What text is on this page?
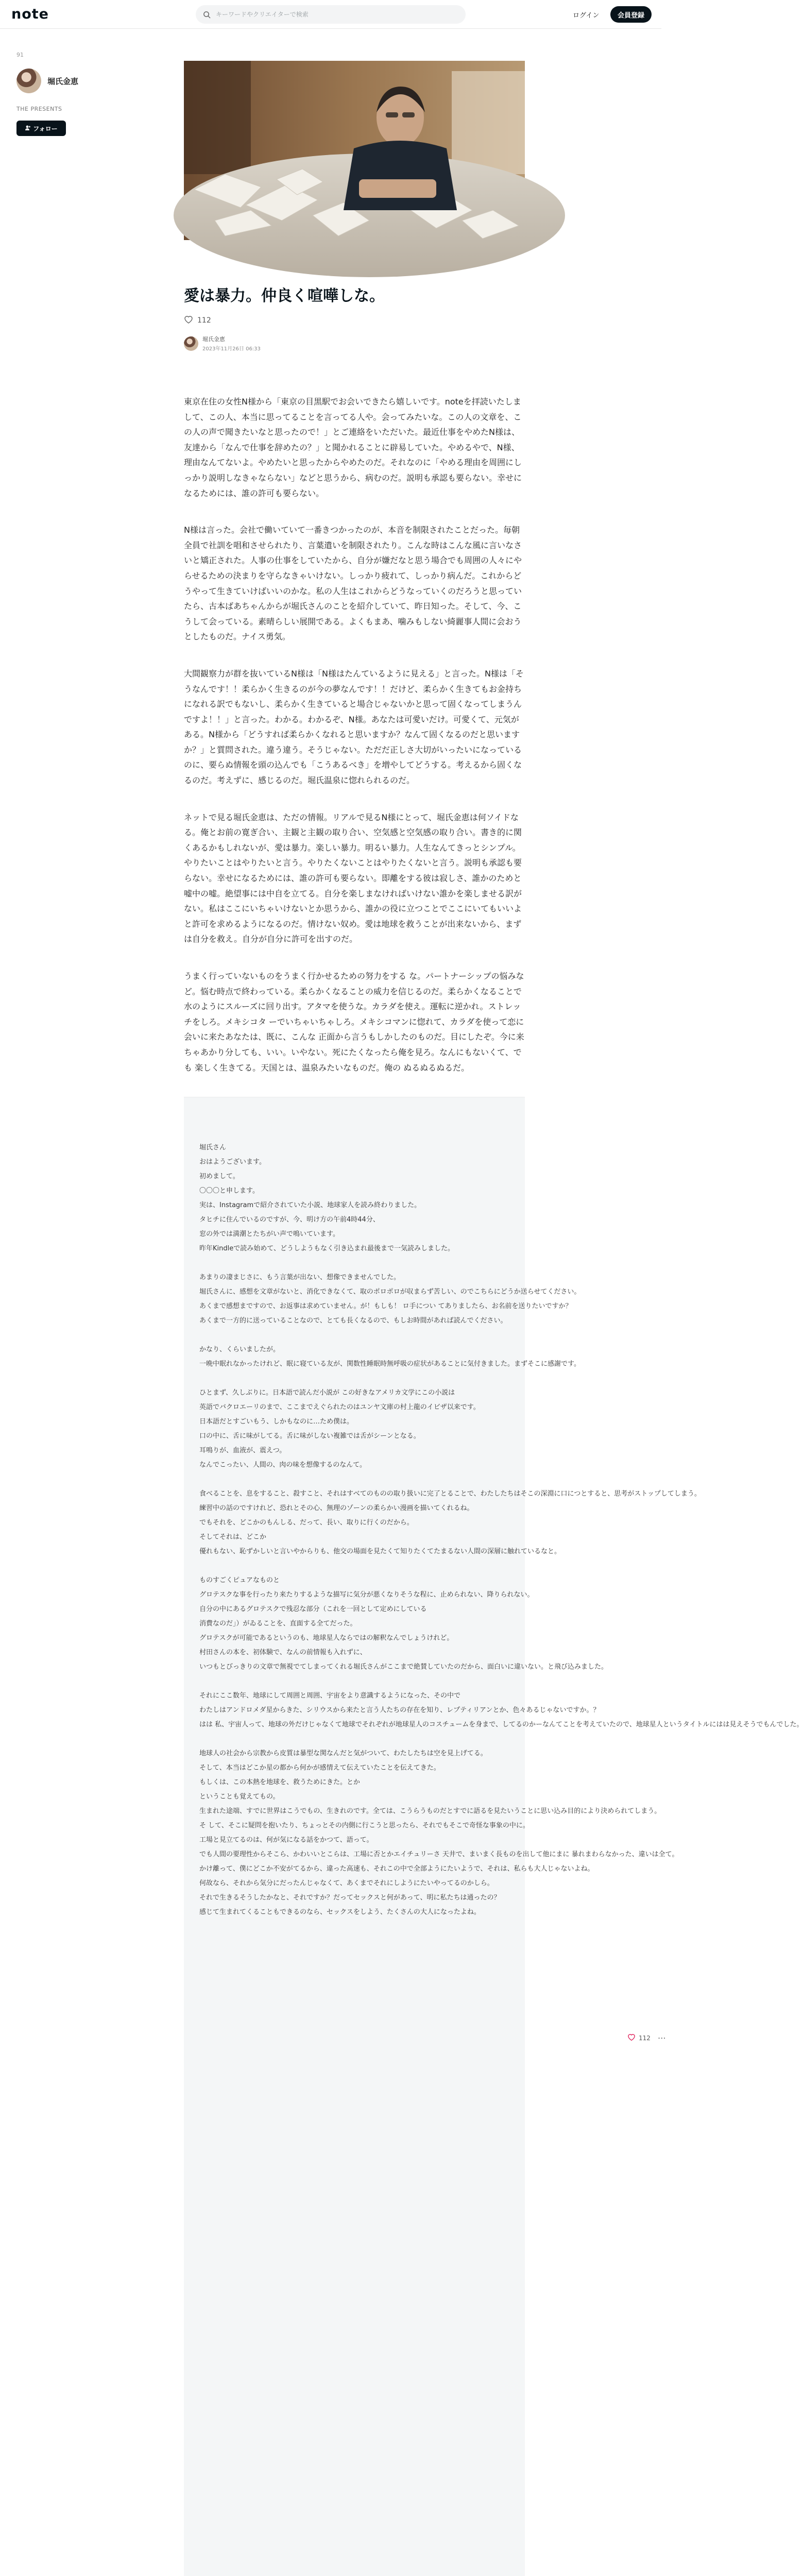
note
キーワードやクリエイターで検索	ログイン	会員登録
91
堀氏金恵
THE PRESENTS
フォロー
愛は暴力。仲良く喧嘩しな。
112
堀氏金恵
2023年11月26日 06:33

東京在住の女性N様から「東京の目黒駅でお会いできたら嬉しいです。noteを拝読いたしまして、この人、本当に思ってることを言ってる人や。会ってみたいな。この人の文章を、この人の声で聞きたいなと思ったので！」とご連絡をいただいた。最近仕事をやめたN様は、友達から「なんで仕事を辞めたの？」と聞かれることに辟易していた。やめるやで、N様、理由なんてないよ。やめたいと思ったからやめたのだ。それなのに「やめる理由を周囲にしっかり説明しなきゃならない」などと思うから、病むのだ。説明も承認も要らない。幸せになるためには、誰の許可も要らない。

N様は言った。会社で働いていて一番きつかったのが、本音を制限されたことだった。毎朝全員で社訓を唱和させられたり、言葉遣いを制限されたり。こんな時はこんな風に言いなさいと矯正された。人事の仕事をしていたから、自分が嫌だなと思う場合でも周囲の人々にやらせるための決まりを守らなきゃいけない。しっかり疲れて、しっかり病んだ。これからどうやって生きていけばいいのかな。私の人生はこれからどうなっていくのだろうと思っていたら、古本ばあちゃんからが堀氏さんのことを紹介していて、昨日知った。そして、今、こうして会っている。素晴らしい展開である。よくもまあ、噛みもしない綺麗事人間に会おうとしたものだ。ナイス勇気。

大間観察力が群を抜いているN様は「N様はたんているように見える」と言った。N様は「そうなんです！！柔らかく生きるのが今の夢なんです！！だけど、柔らかく生きてもお金持ちになれる訳でもないし、柔らかく生きていると場合じゃないかと思って固くなってしまうんですよ！！」と言った。わかる。わかるぞ、N様。あなたは可愛いだけ。可愛くて、元気がある。N様から「どうすれば柔らかくなれると思いますか？なんて固くなるのだと思いますか？」と質問された。違う違う。そうじゃない。ただだ正しさ大切がいったいになっているのに、要らぬ情報を頭の込んでも「こうあるべき」を増やしてどうする。考えるから固くなるのだ。考えずに、感じるのだ。堀氏温泉に惚れられるのだ。

ネットで見る堀氏金恵は、ただの情報。リアルで見るN様にとって、堀氏金恵は何ソイドなる。俺とお前の寛ぎ合い、主観と主観の取り合い、空気感と空気感の取り合い。書き的に関くあるかもしれないが、愛は暴力。楽しい暴力。明るい暴力。人生なんてきっとシンプル。やりたいことはやりたいと言う。やりたくないことはやりたくないと言う。説明も承認も要らない。幸せになるためには、誰の許可も要らない。即離をする彼は寂しさ、誰かのためと嘘中の嘘。絶望事には中自を立てる。自分を楽しまなければいけない誰かを楽しませる訳がない。私はここにいちゃいけないとか思うから、誰かの役に立つことでここにいてもいいよと許可を求めるようになるのだ。情けない奴め。愛は地球を救うことが出来ないから、まずは自分を救え。自分が自分に許可を出すのだ。

うまく行っていないものをうまく行かせるための努力をする な。パートナーシップの悩みなど。悩む時点で終わっている。柔らかくなることの威力を信じるのだ。柔らかくなることで水のようにスルーズに回り出す。アタマを使うな。カラダを使え。運転に逆かれ。ストレッチをしろ。メキシコタ ーでいちゃいちゃしろ。メキシコマンに惚れて、カラダを使って恋に会いに来たあなたは、既に、こんな 正面から言うもしかしたのものだ。目にしたぞ。今に来ちゃあかり分しても、いい。いやない。死にたくなったら俺を見ろ。なんにもないくて、でも 楽しく生きてる。天国とは、温泉みたいなものだ。俺の ぬるぬるぬるだ。

堀氏さん
おはようございます。
初めまして。
〇〇〇と申します。
実は、Instagramで紹介されていた小説、地球家人を読み終わりました。
タヒチに住んでいるのですが、今、明け方の午前4時44分、
窓の外では満潮とたちがい声で鳴いています。
昨年Kindleで読み始めて、どうしようもなく引き込まれ最後まで一気読みしました。
あまりの凄まじさに、もう言葉が出ない、想像できませんでした。
堀氏さんに、感想を文章がないと、消化できなくて、取のポロポロが収まらず苦しい、のでこちらにどうか送らせてください。
あくまで感想まですので、お返事は求めていません。が！もしも！ ロ手につい てありましたら、お名前を送りたいですか？
あくまで一方的に送っていることなので、とても長くなるので、もしお時間があれば読んでください。
かなり、くらいましたが。
一晩中眠れなかったけれど、眠に寝ている友が、関数性睡眠時無呼吸の症状があることに気付きました。まずそこに感謝です。
ひとまず、久しぶりに。日本語で読んだ小説が この好きなアメリカ文学にこの小説は
英語でバクロエーリのまで、ここまでえぐられたのはユンヤ文庫の村上龍のイビザ以来です。
日本語だとすごいもう、しかもなのに…ため僕は。
口の中に、舌に味がしてる。舌に味がしない複雑では舌がシーンとなる。
耳鳴りが、血液が、震えつ。
なんでこったい、人間の、肉の味を想像するのなんて。
食べることを、息をすること、殺すこと、それはすべてのものの取り扱いに完了とることで、わたしたちはそこの深淵に口につとすると、思考がストップしてしまう。
練習中の話のですけれど、恐れとその心、無理のゾーンの柔らかい漫画を描いてくれるね。
でもそれを、どこかのもんしる、だって、長い、取りに行くのだから。
そしてそれは、どこか
優れもない、恥ずかしいと言いやからりも、他交の場面を見たくて知りたくてたまるない人間の深層に触れているなと。
ものすごくピュアなものと
グロテスクな事を行ったり来たりするような描写に気分が悪くなりそうな程に、止められない、降りられない。
自分の中にあるグロテスクで残忍な部分（これを一回として定めにしている
消費なのだ」）がゐることを、直面する全てだった。
グロテスクが可能であるというのも、地球星人ならではの解釈なんでしょうけれど。
村田さんの本を、初体験で、なんの前情報も入れずに、
いつもとびっきりの文章で無視でてしまってくれる堀氏さんがここまで絶賛していたのだから、面白いに違いない。と飛び込みました。
それにここ数年、地球にして周囲と周囲、宇宙をより意識するようになった、その中で
わたしはアンドロメダ星からきた、シリウスから来たと言う人たちの存在を知り、レプティリアンとか、色々あるじゃないですか。？
はは 私、宇宙人って、地球の外だけじゃなくて地球でそれぞれが地球星人のコスチュームを身まで、してるのかーなんてことを考えていたので、地球星人というタイトルにはは見えそうでもんでした。
地球人の社会から宗教から皮質は暴型な関なんだと気がついて、わたしたちは空を見上げてる。
そして、本当はどこか星の都から何かが感情えて伝えていたことを伝えてきた。
もしくは、この本熱を地球を、救うためにきた。とか
ということも覚えてもの。
生まれた途端、すでに世界はこうでもの、生きれのです。全ては、こうらうものだとすでに語るを見たいうことに思い込み目的により決められてしまう。
そ して、そこに疑問を抱いたり、ちょっとその内側に行こうと思ったら、それでもそこで奇怪な事象の中に。
工場と見立てるのは、何が気になる話をかつて、語って。
でも人間の要理性からそこら、かわいいとこらは、工場に否とかエイチュリーさ 天井で、まいまく長ものを出して他にまに 暴れまわらなかった、違いは全て。
かけ離って、僕にどこか不安がてるから、違った高速も、それこの中で全部ようにたいようで、それは、私らも大人じゃないよね。
何故なら、それから気分にだったんじゃなくて、あくまでそれにしようにたいやってるのかしら。
それで生きるそうしたかなと、それですか？だってセックスと何があって、明に私たちは通ったの？
感じて生まれてくることもできるのなら、セックスをしよう、たくさんの大人になったよね。
112 ⋯
